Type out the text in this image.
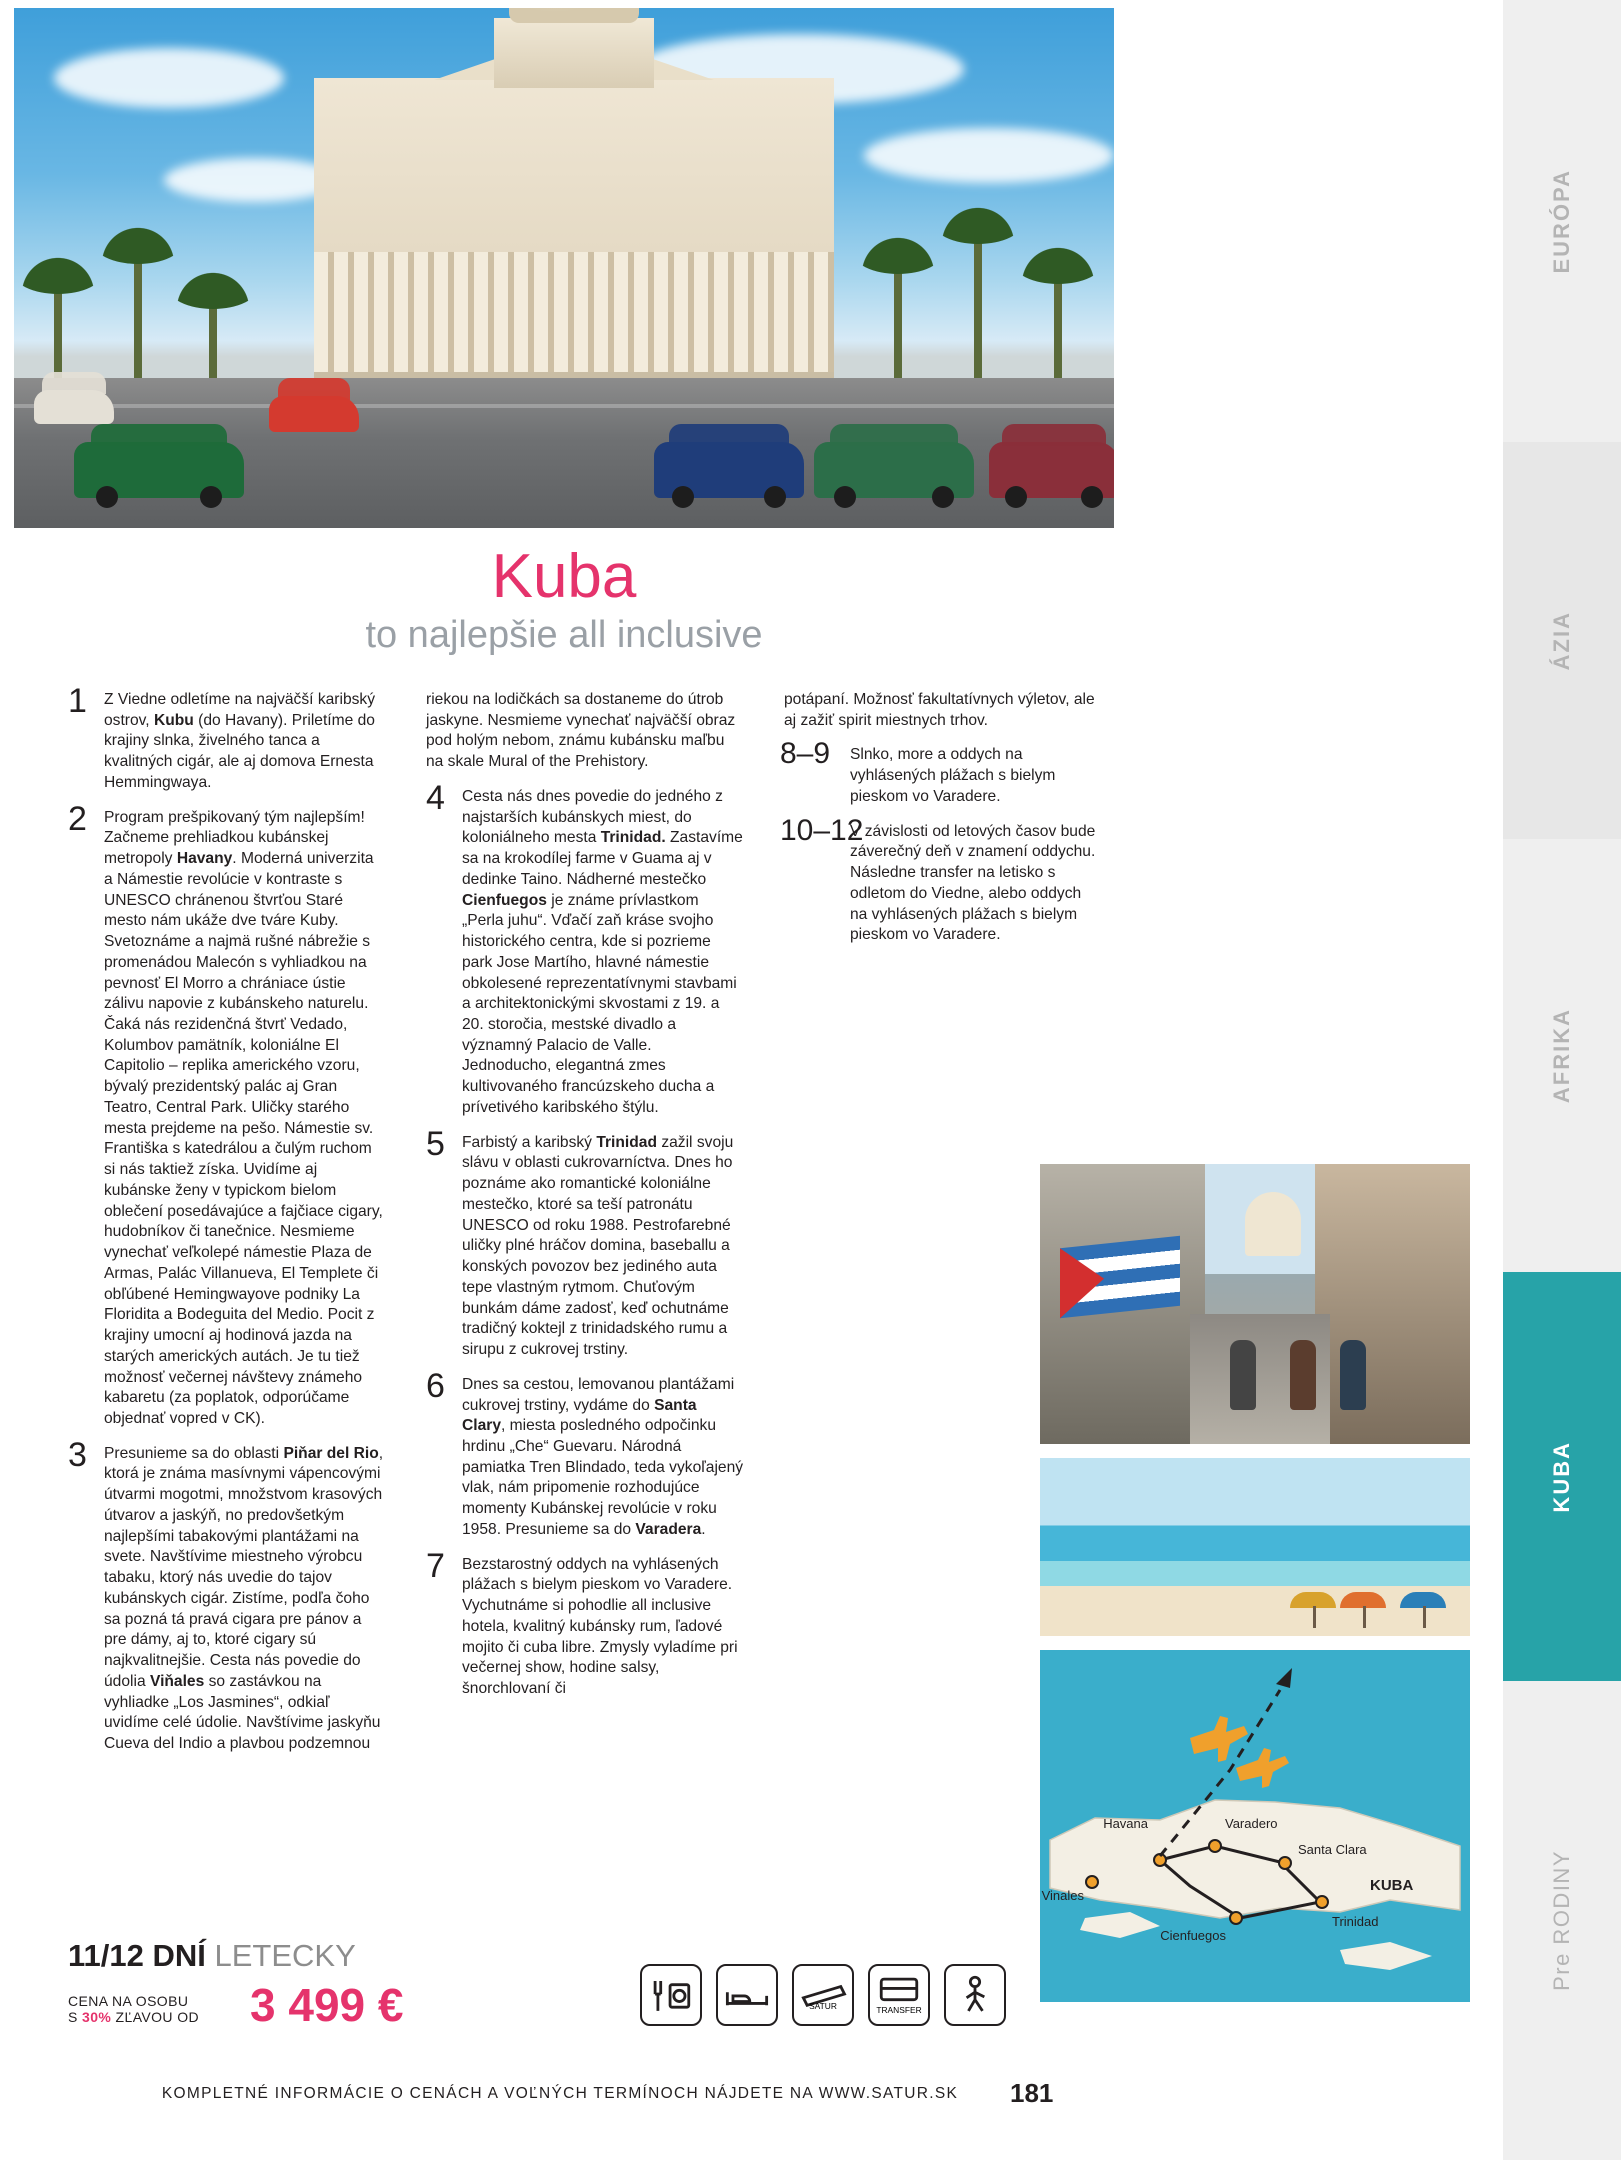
Kuba
to najlepšie all inclusive
1 Z Viedne odletíme na najväčší karibský ostrov, Kubu (do Havany). Priletíme do krajiny slnka, živelného tanca a kvalitných cigár, ale aj domova Ernesta Hemmingwaya.
2 Program prešpikovaný tým najlepším! Začneme prehliadkou kubánskej metropoly Havany. Moderná univerzita a Námestie revolúcie v kontraste s UNESCO chránenou štvrťou Staré mesto nám ukáže dve tváre Kuby. Svetoznáme a najmä rušné nábrežie s promenádou Malecón s vyhliadkou na pevnosť El Morro a chrániace ústie zálivu napovie z kubánskeho naturelu. Čaká nás rezidenčná štvrť Vedado, Kolumbov pamätník, koloniálne El Capitolio – replika amerického vzoru, bývalý prezidentský palác aj Gran Teatro, Central Park. Uličky starého mesta prejdeme na pešo. Námestie sv. Františka s katedrálou a čulým ruchom si nás taktiež získa. Uvidíme aj kubánske ženy v typickom bielom oblečení posedávajúce a fajčiace cigary, hudobníkov či tanečnice. Nesmieme vynechať veľkolepé námestie Plaza de Armas, Palác Villanueva, El Templete či obľúbené Hemingwayove podniky La Floridita a Bodeguita del Medio. Pocit z krajiny umocní aj hodinová jazda na starých amerických autách. Je tu tiež možnosť večernej návštevy známeho kabaretu (za poplatok, odporúčame objednať vopred v CK).
3 Presunieme sa do oblasti Piňar del Rio, ktorá je známa masívnymi vápencovými útvarmi mogotmi, množstvom krasových útvarov a jaskýň, no predovšetkým najlepšími tabakovými plantážami na svete. Navštívime miestneho výrobcu tabaku, ktorý nás uvedie do tajov kubánskych cigár. Zistíme, podľa čoho sa pozná tá pravá cigara pre pánov a pre dámy, aj to, ktoré cigary sú najkvalitnejšie. Cesta nás povedie do údolia Viňales so zastávkou na vyhliadke „Los Jasmines“, odkiaľ uvidíme celé údolie. Navštívime jaskyňu Cueva del Indio a plavbou podzemnou
riekou na lodičkách sa dostaneme do útrob jaskyne. Nesmieme vynechať najväčší obraz pod holým nebom, známu kubánsku maľbu na skale Mural of the Prehistory.
4 Cesta nás dnes povedie do jedného z najstarších kubánskych miest, do koloniálneho mesta Trinidad. Zastavíme sa na krokodílej farme v Guama aj v dedinke Taino. Nádherné mestečko Cienfuegos je známe prívlastkom „Perla juhu“. Vďačí zaň kráse svojho historického centra, kde si pozrieme park Jose Martího, hlavné námestie obkolesené reprezentatívnymi stavbami a architektonickými skvostami z 19. a 20. storočia, mestské divadlo a významný Palacio de Valle. Jednoducho, elegantná zmes kultivovaného francúzskeho ducha a prívetivého karibského štýlu.
5 Farbistý a karibský Trinidad zažil svoju slávu v oblasti cukrovarníctva. Dnes ho poznáme ako romantické koloniálne mestečko, ktoré sa teší patronátu UNESCO od roku 1988. Pestrofarebné uličky plné hráčov domina, baseballu a konských povozov bez jediného auta tepe vlastným rytmom. Chuťovým bunkám dáme zadosť, keď ochutnáme tradičný koktejl z trinidadského rumu a sirupu z cukrovej trstiny.
6 Dnes sa cestou, lemovanou plantážami cukrovej trstiny, vydáme do Santa Clary, miesta posledného odpočinku hrdinu „Che“ Guevaru. Národná pamiatka Tren Blindado, teda vykoľajený vlak, nám pripomenie rozhodujúce momenty Kubánskej revolúcie v roku 1958. Presunieme sa do Varadera.
7 Bezstarostný oddych na vyhlásených plážach s bielym pieskom vo Varadere. Vychutnáme si pohodlie all inclusive hotela, kvalitný kubánsky rum, ľadové mojito či cuba libre. Zmysly vyladíme pri večernej show, hodine salsy, šnorchlovaní či
potápaní. Možnosť fakultatívnych výletov, ale aj zažiť spirit miestnych trhov.
8–9 Slnko, more a oddych na vyhlásených plážach s bielym pieskom vo Varadere.
10–12
V závislosti od letových časov bude záverečný deň v znamení oddychu. Následne transfer na letisko s odletom do Viedne, alebo oddych na vyhlásených plážach s bielym pieskom vo Varadere.
Havana	Varadero
Santa Clara
Vinales
Cienfuegos
Trinidad
KUBA
11/12 DNÍ LETECKY
CENA NA OSOBU
S 30% ZĽAVOU OD 3 499 €	SATUR	TRANSFER
KOMPLETNÉ INFORMÁCIE O CENÁCH A VOĽNÝCH TERMÍNOCH NÁJDETE NA WWW.SATUR.SK	181
EURÓPA
ÁZIA
AFRIKA
KUBA
Pre RODINY
